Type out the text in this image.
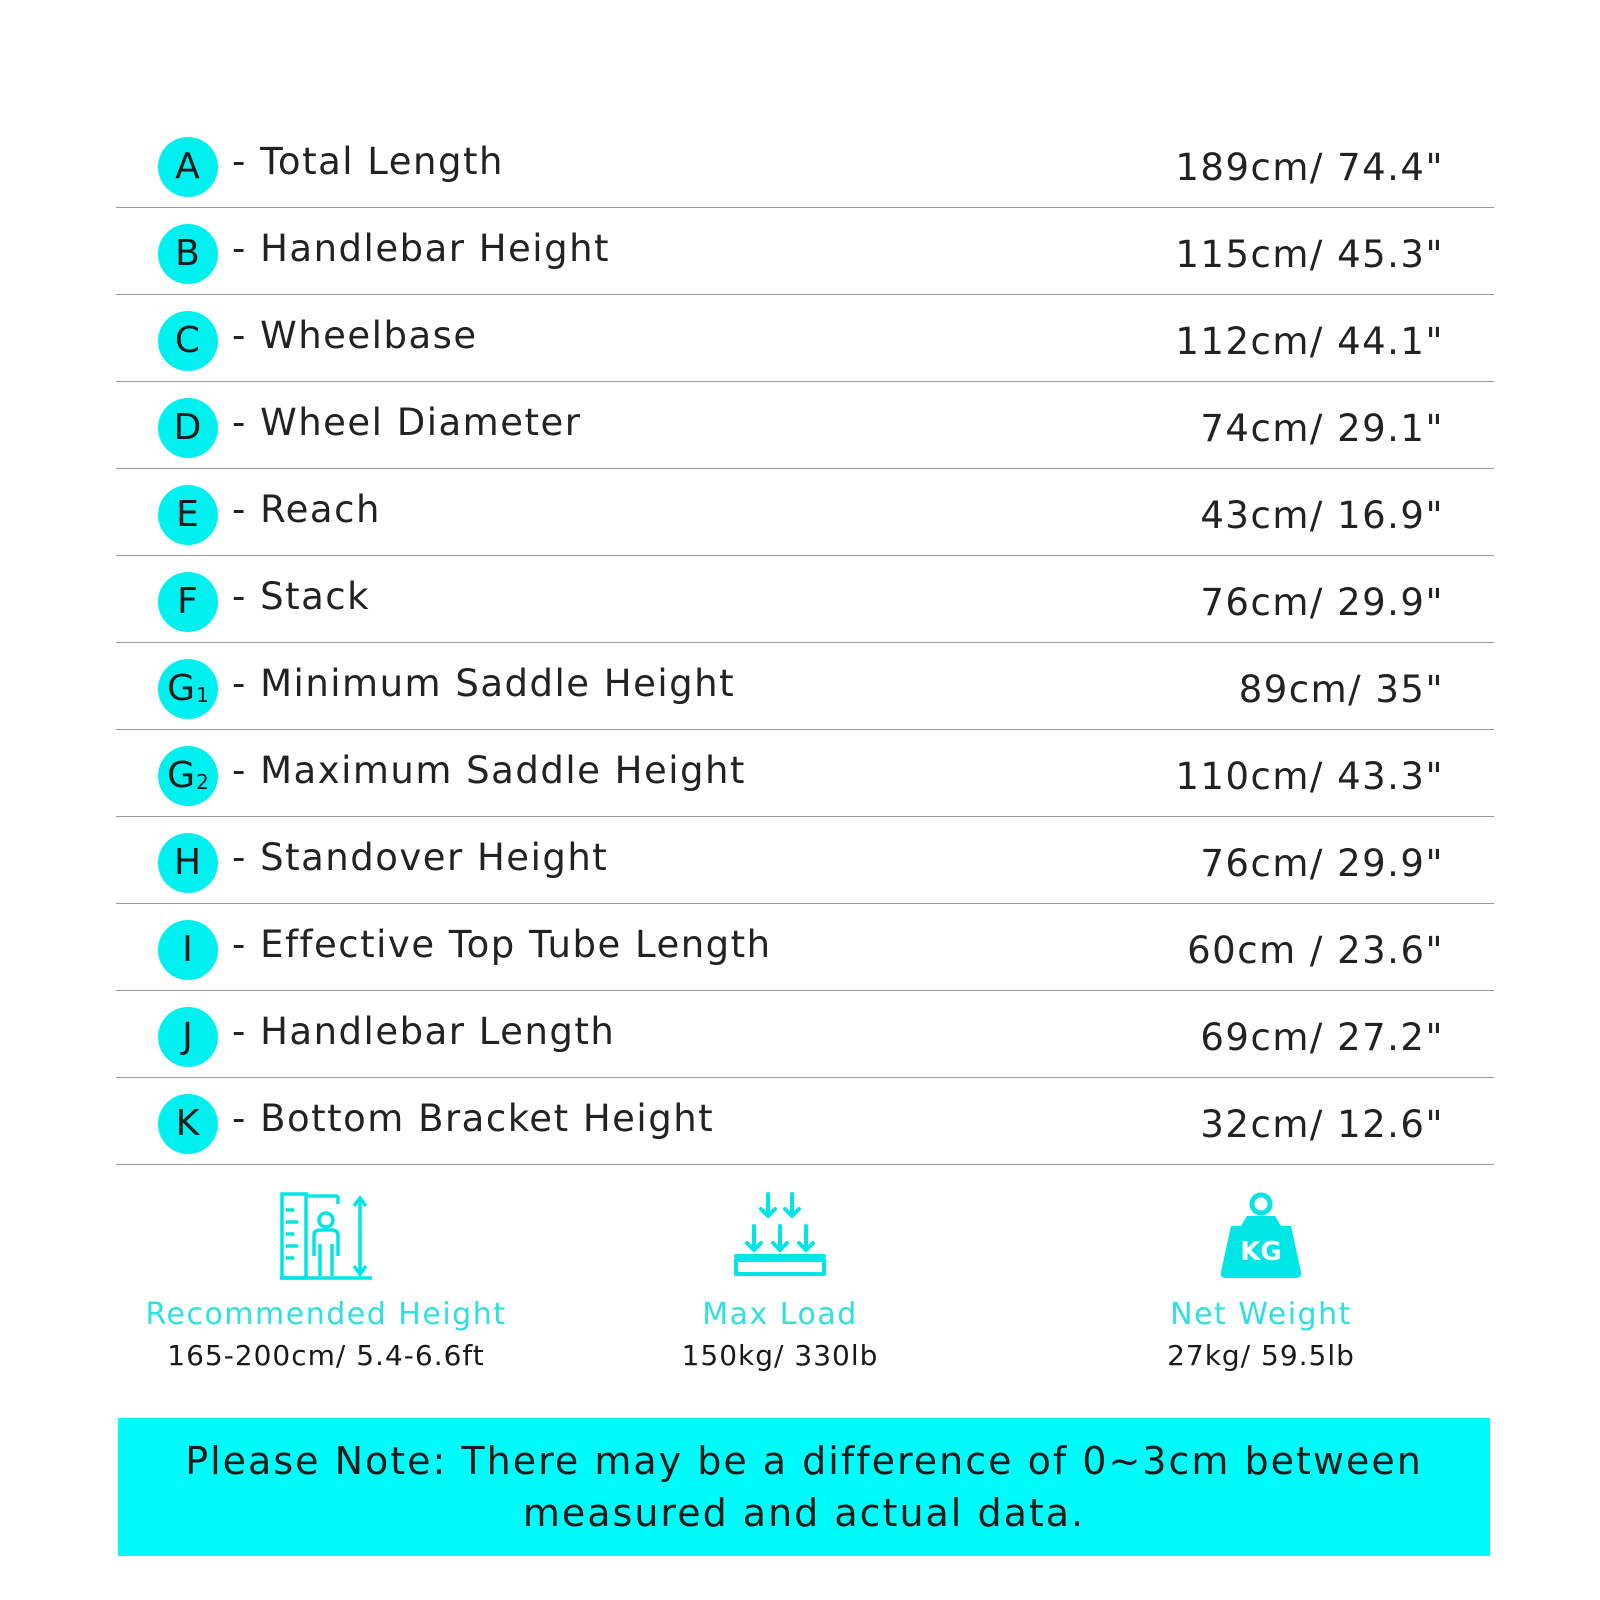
A - Total Length	189cm/ 74.4"
B - Handlebar Height	115cm/ 45.3"
C - Wheelbase	112cm/ 44.1"
D - Wheel Diameter	74cm/ 29.1"
E - Reach	43cm/ 16.9"
F - Stack	76cm/ 29.9"
G 1 - Minimum Saddle Height	89cm/ 35"
G 2 - Maximum Saddle Height	110cm/ 43.3"
H - Standover Height	76cm/ 29.9"
I - Effective Top Tube Length	60cm / 23.6"
J - Handlebar Length	69cm/ 27.2"
K - Bottom Bracket Height	32cm/ 12.6"
Recommended Height
165-200cm/ 5.4-6.6ft
Max Load
150kg/ 330lb
KG
Net Weight
27kg/ 59.5lb
Please Note: There may be a difference of 0~3cm between measured and actual data.
